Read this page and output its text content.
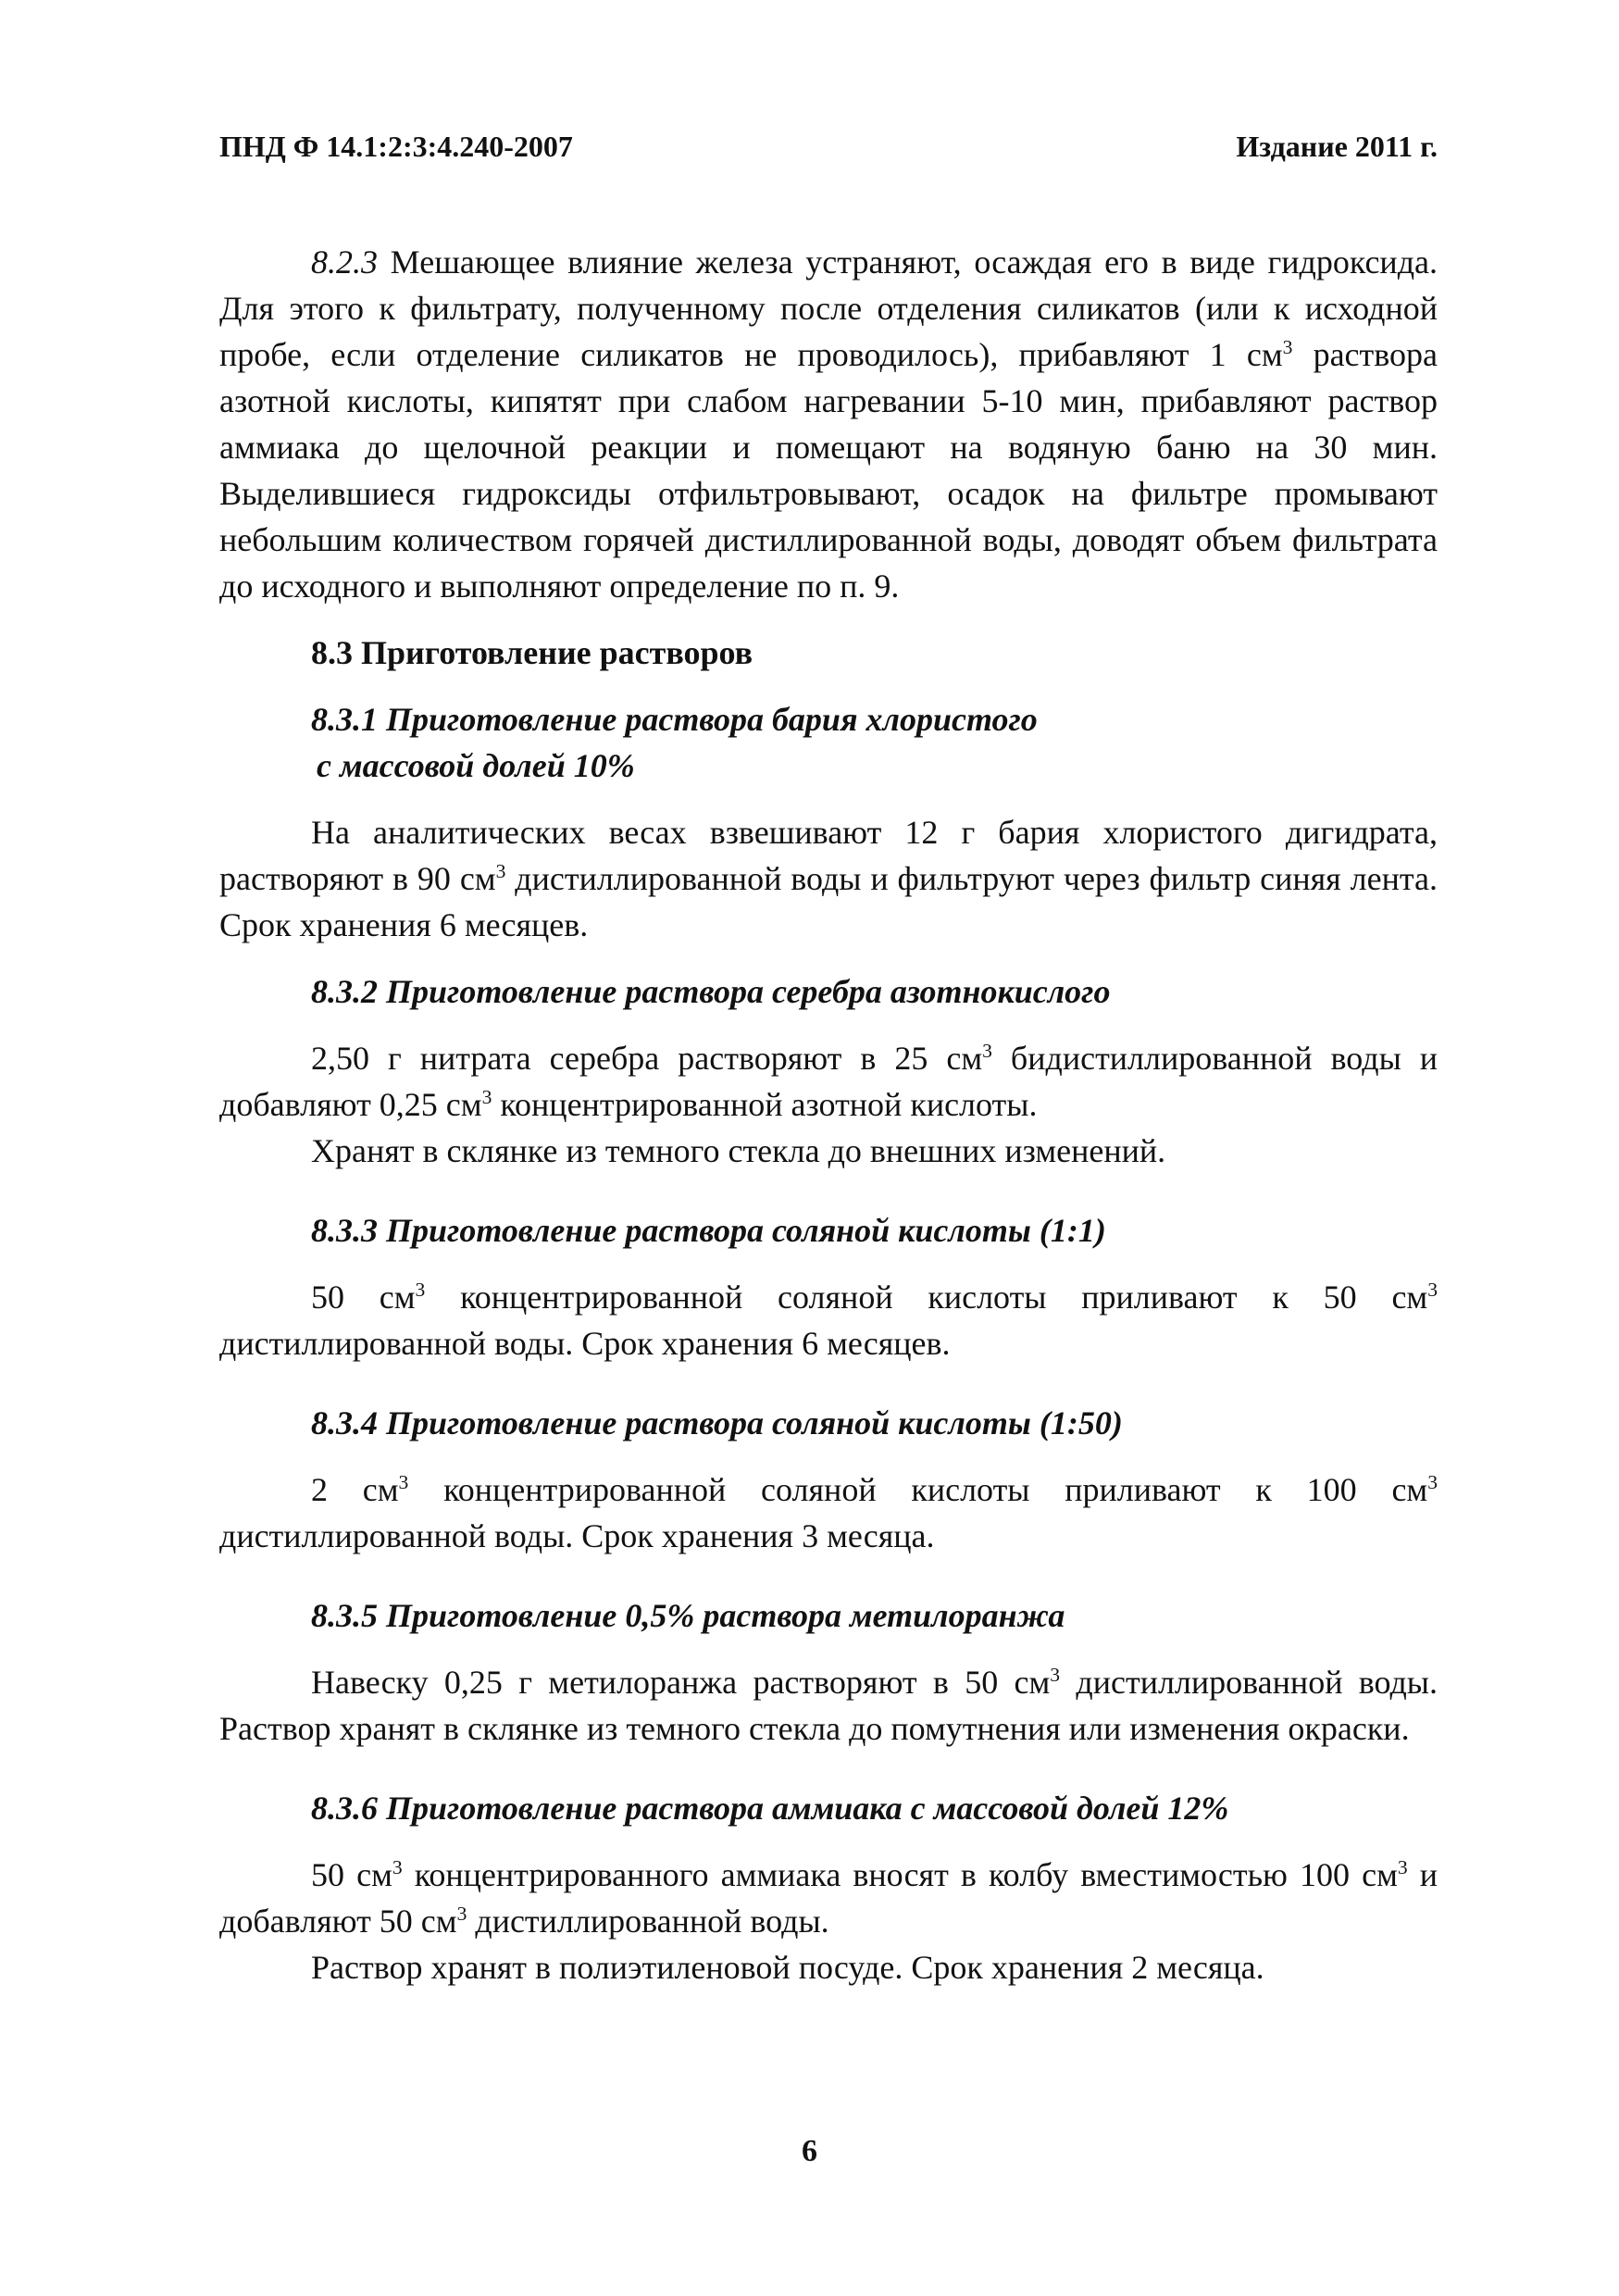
ПНД Ф 14.1:2:3:4.240-2007	Издание 2011 г.

8.2.3 Мешающее влияние железа устраняют, осаждая его в виде гидроксида. Для этого к фильтрату, полученному после отделения силикатов (или к исходной пробе, если отделение силикатов не проводилось), прибавляют 1 $см^3$ раствора азотной кислоты, кипятят при слабом нагревании 5-10 мин, прибавляют раствор аммиака до щелочной реакции и помещают на водяную баню на 30 мин. Выделившиеся гидроксиды отфильтровывают, осадок на фильтре промывают небольшим количеством горячей дистиллированной воды, доводят объем фильтрата до исходного и выполняют определение по п. 9.

8.3 Приготовление растворов
8.3.1 Приготовление раствора бария хлористого
с массовой долей 10%

На аналитических весах взвешивают 12 г бария хлористого дигидрата, растворяют в 90 $см^3$ дистиллированной воды и фильтруют через фильтр синяя лента. Срок хранения 6 месяцев.

8.3.2 Приготовление раствора серебра азотнокислого

2,50 г нитрата серебра растворяют в 25 $см^3$ бидистиллированной воды и добавляют 0,25 $см^3$ концентрированной азотной кислоты.

Хранят в склянке из темного стекла до внешних изменений.

8.3.3 Приготовление раствора соляной кислоты (1:1)

50 $см^3$ концентрированной соляной кислоты приливают к 50 $см^3$ дистиллированной воды. Срок хранения 6 месяцев.

8.3.4 Приготовление раствора соляной кислоты (1:50)

2 $см^3$ концентрированной соляной кислоты приливают к 100 $см^3$ дистиллированной воды. Срок хранения 3 месяца.

8.3.5 Приготовление 0,5% раствора метилоранжа

Навеску 0,25 г метилоранжа растворяют в 50 $см^3$ дистиллированной воды. Раствор хранят в склянке из темного стекла до помутнения или изменения окраски.

8.3.6 Приготовление раствора аммиака с массовой долей 12%

50 $см^3$ концентрированного аммиака вносят в колбу вместимостью 100 $см^3$ и добавляют 50 $см^3$ дистиллированной воды.

Раствор хранят в полиэтиленовой посуде. Срок хранения 2 месяца.

6
